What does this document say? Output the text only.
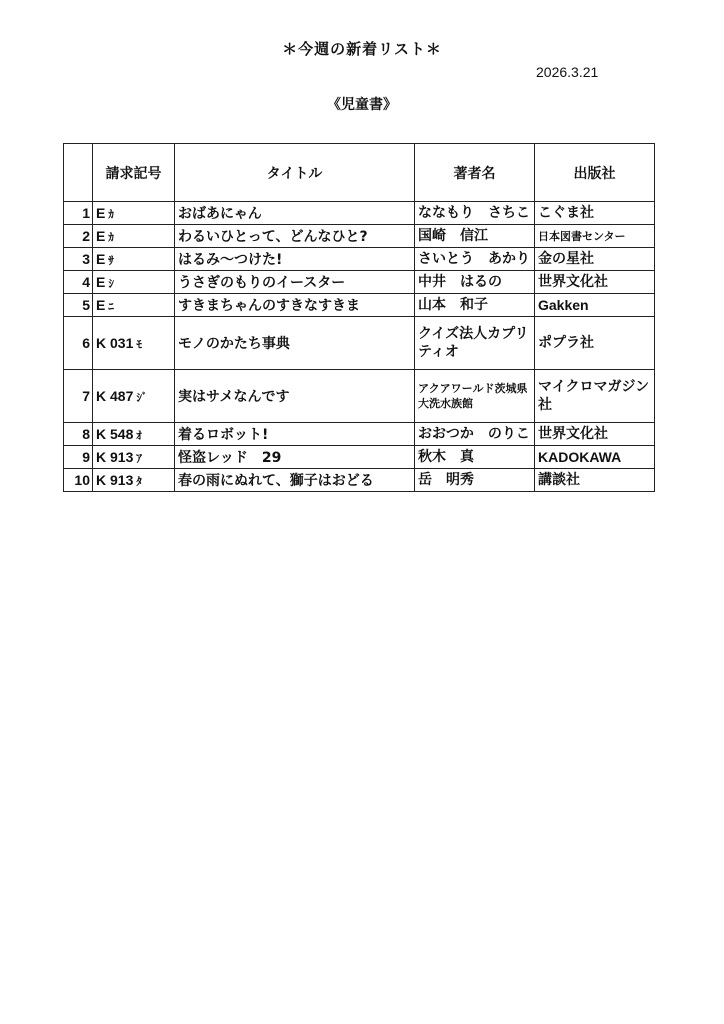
＊今週の新着リスト＊
2026.3.21
《児童書》
	請求記号	タイトル	著者名	出版社
1	E ｶ	おばあにゃん	ななもり　さちこ	こぐま社
2	E ｶ	わるいひとって、どんなひと?	国崎　信江	日本図書センター
3	E ｻ	はるみ～つけた!	さいとう　あかり	金の星社
4	E ｼ	うさぎのもりのイースター	中井　はるの	世界文化社
5	E ﾆ	すきまちゃんのすきなすきま	山本　和子	Gakken
6	K 031 ﾓ	モノのかたち事典	クイズ法人カプリティオ	ポプラ社
7	K 487 ｼﾞ	実はサメなんです	アクアワールド茨城県大洗水族館	マイクロマガジン社
8	K 548 ｵ	着るロボット!	おおつか　のりこ	世界文化社
9	K 913 ｱ	怪盗レッド　29	秋木　真	KADOKAWA
10	K 913 ﾀ	春の雨にぬれて、獅子はおどる	岳　明秀	講談社
